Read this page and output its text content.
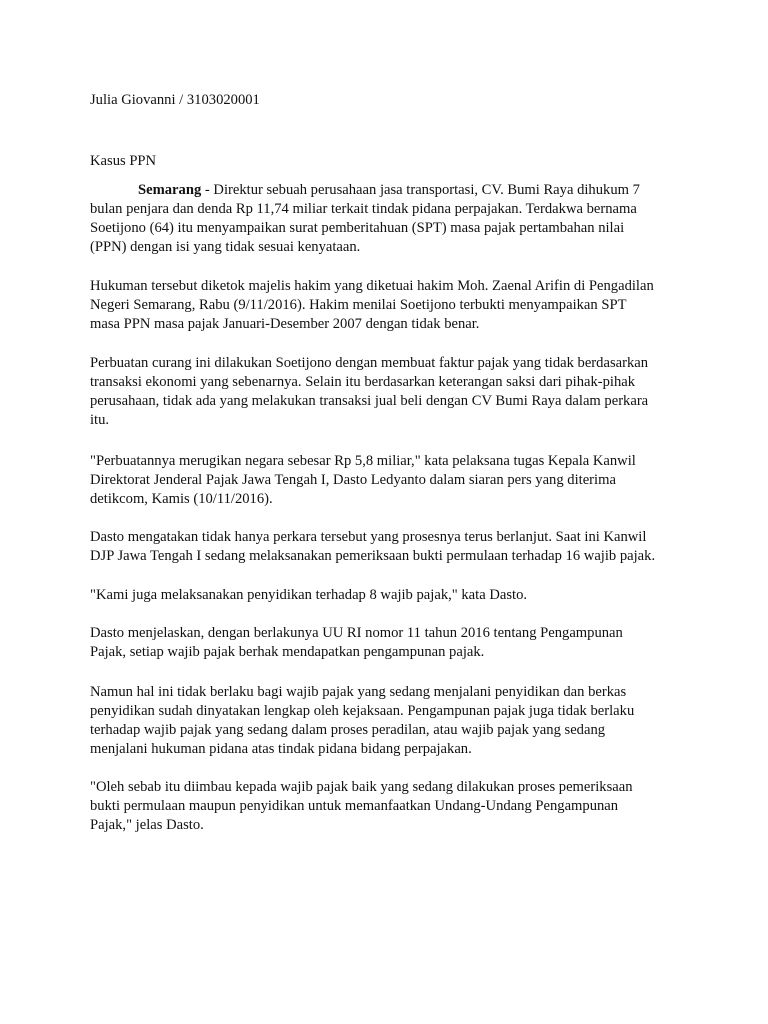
Julia Giovanni / 3103020001
Kasus PPN
Semarang - Direktur sebuah perusahaan jasa transportasi, CV. Bumi Raya dihukum 7
bulan penjara dan denda Rp 11,74 miliar terkait tindak pidana perpajakan. Terdakwa bernama
Soetijono (64) itu menyampaikan surat pemberitahuan (SPT) masa pajak pertambahan nilai
(PPN) dengan isi yang tidak sesuai kenyataan.
Hukuman tersebut diketok majelis hakim yang diketuai hakim Moh. Zaenal Arifin di Pengadilan
Negeri Semarang, Rabu (9/11/2016). Hakim menilai Soetijono terbukti menyampaikan SPT
masa PPN masa pajak Januari-Desember 2007 dengan tidak benar.
Perbuatan curang ini dilakukan Soetijono dengan membuat faktur pajak yang tidak berdasarkan
transaksi ekonomi yang sebenarnya. Selain itu berdasarkan keterangan saksi dari pihak-pihak
perusahaan, tidak ada yang melakukan transaksi jual beli dengan CV Bumi Raya dalam perkara
itu.
"Perbuatannya merugikan negara sebesar Rp 5,8 miliar," kata pelaksana tugas Kepala Kanwil
Direktorat Jenderal Pajak Jawa Tengah I, Dasto Ledyanto dalam siaran pers yang diterima
detikcom, Kamis (10/11/2016).
Dasto mengatakan tidak hanya perkara tersebut yang prosesnya terus berlanjut. Saat ini Kanwil
DJP Jawa Tengah I sedang melaksanakan pemeriksaan bukti permulaan terhadap 16 wajib pajak.
"Kami juga melaksanakan penyidikan terhadap 8 wajib pajak," kata Dasto.
Dasto menjelaskan, dengan berlakunya UU RI nomor 11 tahun 2016 tentang Pengampunan
Pajak, setiap wajib pajak berhak mendapatkan pengampunan pajak.
Namun hal ini tidak berlaku bagi wajib pajak yang sedang menjalani penyidikan dan berkas
penyidikan sudah dinyatakan lengkap oleh kejaksaan. Pengampunan pajak juga tidak berlaku
terhadap wajib pajak yang sedang dalam proses peradilan, atau wajib pajak yang sedang
menjalani hukuman pidana atas tindak pidana bidang perpajakan.
"Oleh sebab itu diimbau kepada wajib pajak baik yang sedang dilakukan proses pemeriksaan
bukti permulaan maupun penyidikan untuk memanfaatkan Undang-Undang Pengampunan
Pajak," jelas Dasto.
